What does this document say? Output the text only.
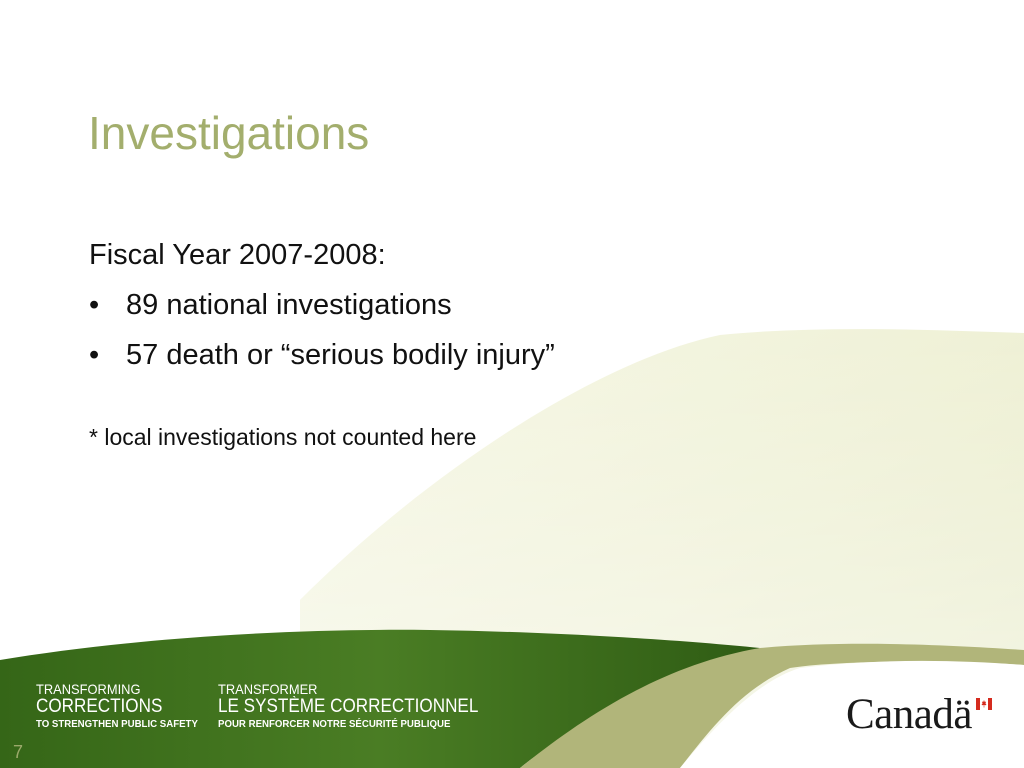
Investigations
Fiscal Year 2007-2008:
• 89 national investigations
• 57 death or “serious bodily injury”
* local investigations not counted here
TRANSFORMING
CORRECTIONS
TO STRENGTHEN PUBLIC SAFETY
TRANSFORMER
LE SYSTÈME CORRECTIONNEL
POUR RENFORCER NOTRE SÉCURITÉ PUBLIQUE
7
Canadä
